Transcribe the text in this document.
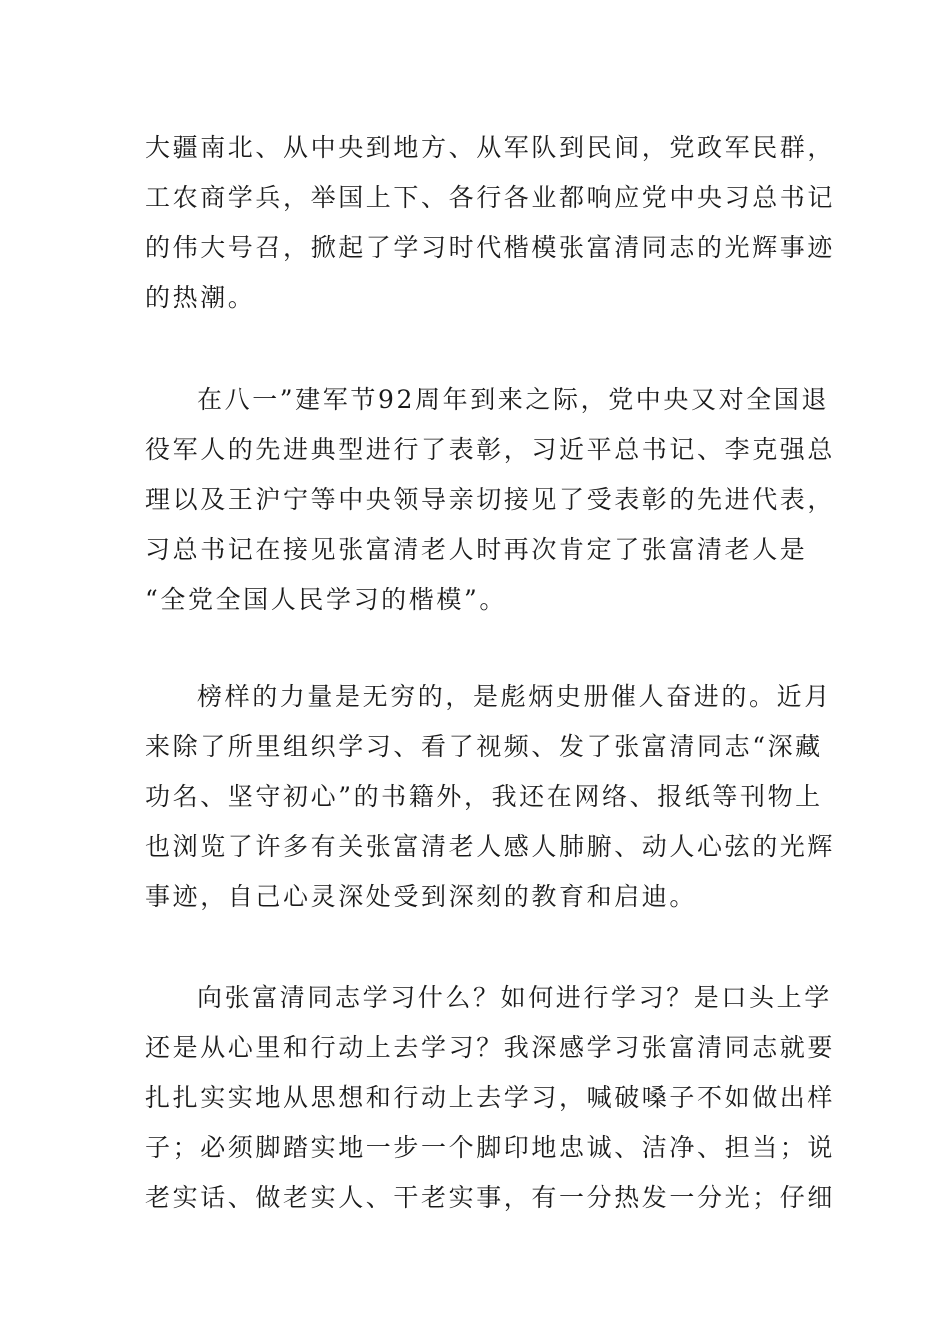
大疆南北、从中央到地方、从军队到民间，党政军民群，
工农商学兵，举国上下、各行各业都响应党中央习总书记
的伟大号召，掀起了学习时代楷模张富清同志的光辉事迹
的热潮。
在八一”建军节92周年到来之际，党中央又对全国退
役军人的先进典型进行了表彰，习近平总书记、李克强总
理以及王沪宁等中央领导亲切接见了受表彰的先进代表，
习总书记在接见张富清老人时再次肯定了张富清老人是
“全党全国人民学习的楷模”。
榜样的力量是无穷的，是彪炳史册催人奋进的。近月
来除了所里组织学习、看了视频、发了张富清同志“深藏
功名、坚守初心”的书籍外，我还在网络、报纸等刊物上
也浏览了许多有关张富清老人感人肺腑、动人心弦的光辉
事迹，自己心灵深处受到深刻的教育和启迪。
向张富清同志学习什么？如何进行学习？是口头上学
还是从心里和行动上去学习？我深感学习张富清同志就要
扎扎实实地从思想和行动上去学习，喊破嗓子不如做出样
子；必须脚踏实地一步一个脚印地忠诚、洁净、担当；说
老实话、做老实人、干老实事，有一分热发一分光；仔细
